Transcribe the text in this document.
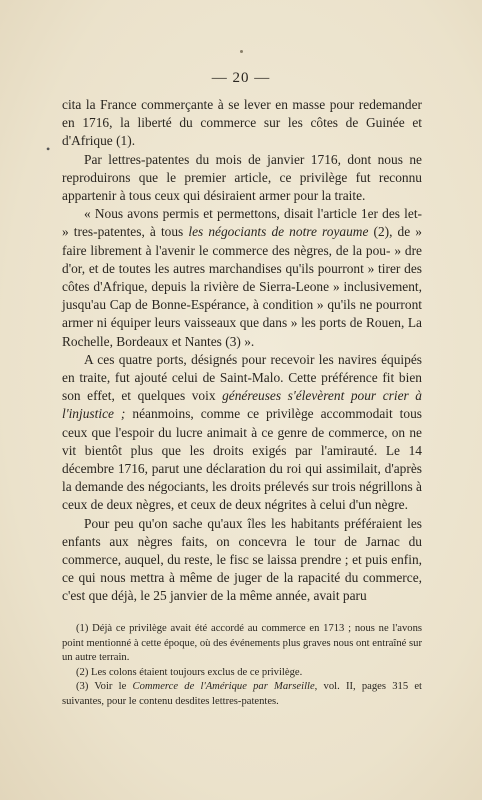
— 20 —
•

cita la France commerçante à se lever en masse pour redemander en 1716, la liberté du commerce sur les côtes de Guinée et d'Afrique (1).

Par lettres-patentes du mois de janvier 1716, dont nous ne reproduirons que le premier article, ce privilège fut reconnu appartenir à tous ceux qui désiraient armer pour la traite.

« Nous avons permis et permettons, disait l'article 1er des let- » tres-patentes, à tous les négociants de notre royaume (2), de » faire librement à l'avenir le commerce des nègres, de la pou- » dre d'or, et de toutes les autres marchandises qu'ils pourront » tirer des côtes d'Afrique, depuis la rivière de Sierra-Leone » inclusivement, jusqu'au Cap de Bonne-Espérance, à condition » qu'ils ne pourront armer ni équiper leurs vaisseaux que dans » les ports de Rouen, La Rochelle, Bordeaux et Nantes (3) ».

A ces quatre ports, désignés pour recevoir les navires équipés en traite, fut ajouté celui de Saint-Malo. Cette préférence fit bien son effet, et quelques voix généreuses s'élevèrent pour crier à l'injustice ; néanmoins, comme ce privilège accommodait tous ceux que l'espoir du lucre animait à ce genre de commerce, on ne vit bientôt plus que les droits exigés par l'amirauté. Le 14 décembre 1716, parut une déclaration du roi qui assimilait, d'après la demande des négociants, les droits prélevés sur trois négrillons à ceux de deux nègres, et ceux de deux négrites à celui d'un nègre.

Pour peu qu'on sache qu'aux îles les habitants préféraient les enfants aux nègres faits, on concevra le tour de Jarnac du commerce, auquel, du reste, le fisc se laissa prendre ; et puis enfin, ce qui nous mettra à même de juger de la rapacité du commerce, c'est que déjà, le 25 janvier de la même année, avait paru

(1) Déjà ce privilège avait été accordé au commerce en 1713 ; nous ne l'avons point mentionné à cette époque, où des événements plus graves nous ont entraîné sur un autre terrain.

(2) Les colons étaient toujours exclus de ce privilège.

(3) Voir le Commerce de l'Amérique par Marseille, vol. II, pages 315 et suivantes, pour le contenu desdites lettres-patentes.
